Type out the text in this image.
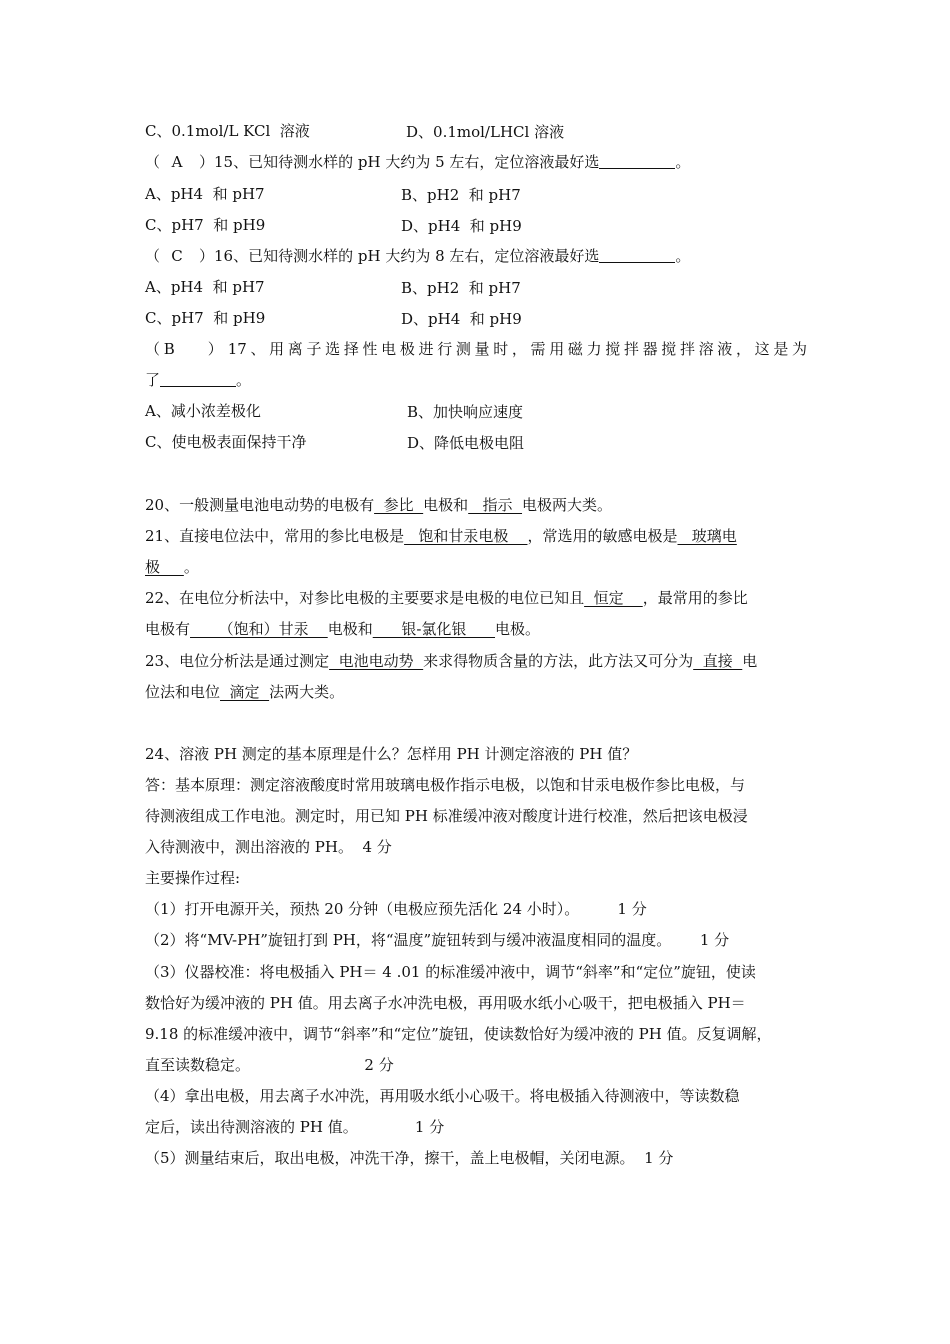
C、0.1mol/L KCl  溶液	D、0.1mol/LHCl 溶液
（ A ）15、已知待测水样的 pH 大约为 5 左右，定位溶液最好选	。
A、pH4  和 pH7	B、pH2  和 pH7
C、pH7  和 pH9	D、pH4  和 pH9
（ C ）16、已知待测水样的 pH 大约为 8 左右，定位溶液最好选	。
A、pH4  和 pH7	B、pH2  和 pH7
C、pH7  和 pH9	D、pH4  和 pH9
（B ） 17、用离子选择性电极进行测量时，需用磁力搅拌器搅拌溶液，这是为
了	。
A、减小浓差极化	B、加快响应速度
C、使电极表面保持干净	D、降低电极电阻
20、一般测量电池电动势的电极有  参比  电极和   指示  电极两大类。
21、直接电位法中，常用的参比电极是   饱和甘汞电极    ，常选用的敏感电极是   玻璃电
极     。
22、在电位分析法中，对参比电极的主要要求是电极的电位已知且  恒定    ，最常用的参比
电极有      （饱和）甘汞    电极和      银-氯化银      电极。
23、电位分析法是通过测定  电池电动势  来求得物质含量的方法，此方法又可分为  直接  电
位法和电位  滴定  法两大类。
24、溶液 PH 测定的基本原理是什么？怎样用 PH 计测定溶液的 PH 值？
答：基本原理：测定溶液酸度时常用玻璃电极作指示电极，以饱和甘汞电极作参比电极，与
待测液组成工作电池。测定时，用已知 PH 标准缓冲液对酸度计进行校准，然后把该电极浸
入待测液中，测出溶液的 PH。  4 分
主要操作过程:
（1）打开电源开关，预热 20 分钟（电极应预先活化 24 小时）。        1 分
（2）将“MV-PH”旋钮打到 PH，将“温度”旋钮转到与缓冲液温度相同的温度。      1 分
（3）仪器校准：将电极插入 PH＝ 4 .01 的标准缓冲液中，调节“斜率”和“定位”旋钮，使读
数恰好为缓冲液的 PH 值。用去离子水冲洗电极，再用吸水纸小心吸干，把电极插入 PH＝
9.18 的标准缓冲液中，调节“斜率”和“定位”旋钮，使读数恰好为缓冲液的 PH 值。反复调解，
直至读数稳定。                        2 分
（4）拿出电极，用去离子水冲洗，再用吸水纸小心吸干。将电极插入待测液中，等读数稳
定后，读出待测溶液的 PH 值。            1 分
（5）测量结束后，取出电极，冲洗干净，擦干，盖上电极帽，关闭电源。  1 分
